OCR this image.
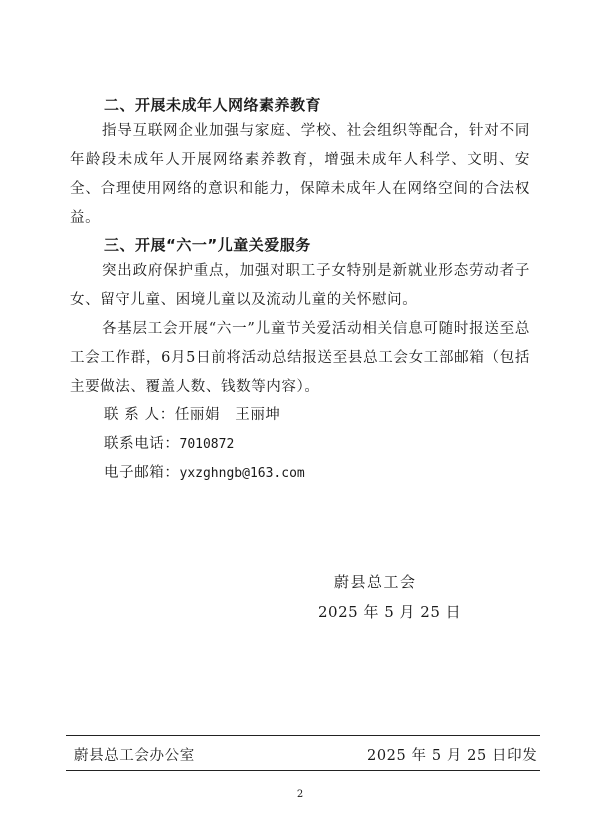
二、开展未成年人网络素养教育
指导互联网企业加强与家庭、学校、社会组织等配合，针对不同年龄段未成年人开展网络素养教育，增强未成年人科学、文明、安全、合理使用网络的意识和能力，保障未成年人在网络空间的合法权益。
三、开展“六一”儿童关爱服务
突出政府保护重点，加强对职工子女特别是新就业形态劳动者子女、留守儿童、困境儿童以及流动儿童的关怀慰问。
各基层工会开展“六一”儿童节关爱活动相关信息可随时报送至总工会工作群，6月5日前将活动总结报送至县总工会女工部邮箱（包括主要做法、覆盖人数、钱数等内容）。
联 系 人：任丽娟　王丽坤
联系电话：7010872
电子邮箱：yxzghngb@163.com
蔚县总工会
2025 年 5 月 25 日
蔚县总工会办公室	2025 年 5 月 25 日印发
2
